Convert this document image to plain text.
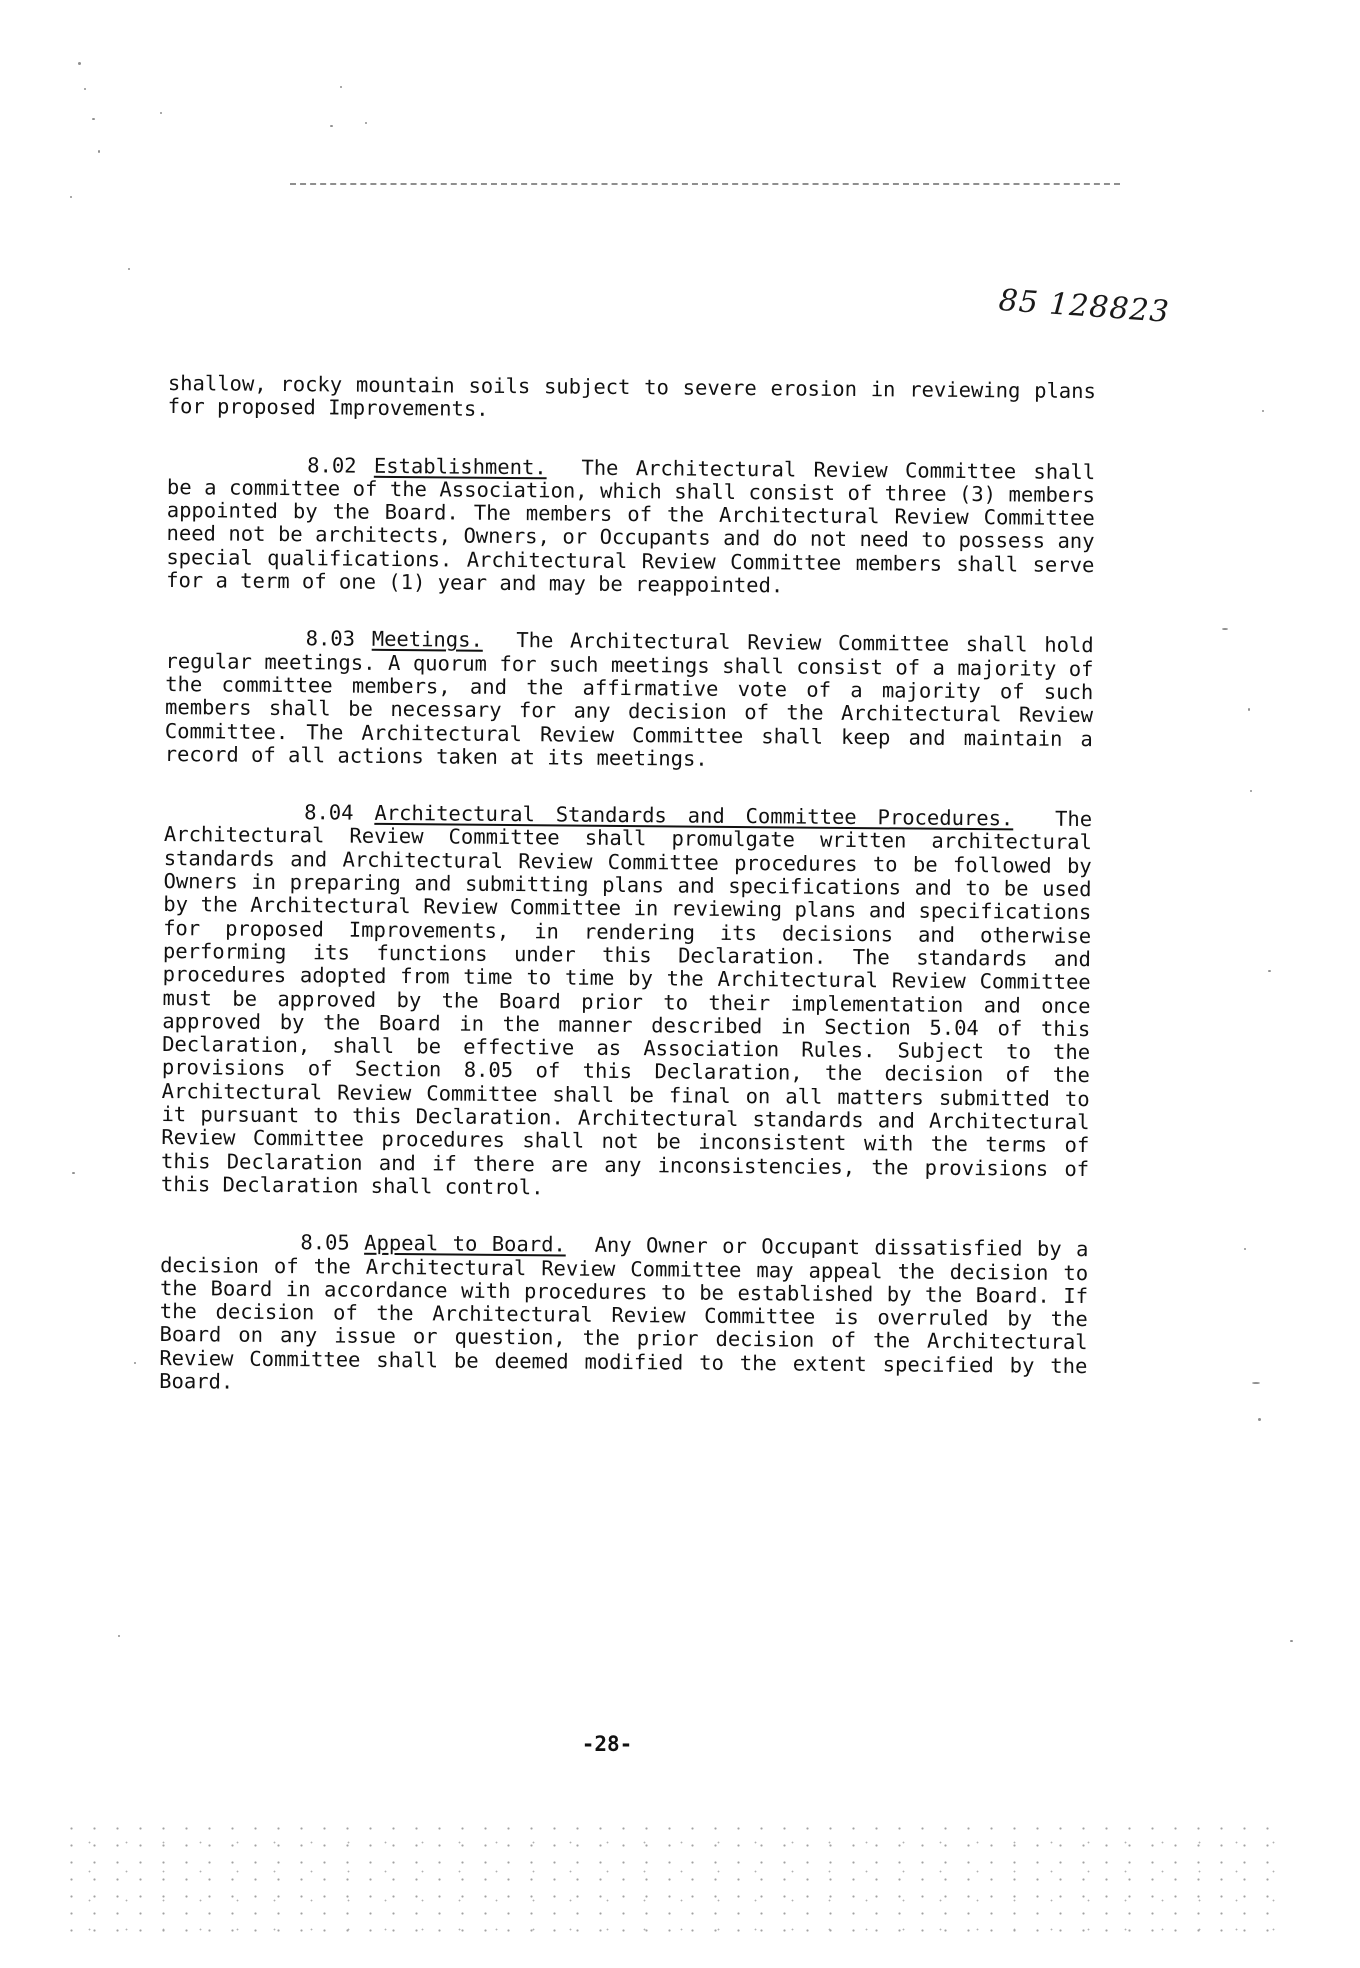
85 128823

shallow, rocky mountain soils subject to severe erosion in reviewing plans for proposed Improvements.

8.02 Establishment. The Architectural Review Committee shall be a committee of the Association, which shall consist of three (3) members appointed by the Board. The members of the Architectural Review Committee need not be architects, Owners, or Occupants and do not need to possess any special qualifications. Architectural Review Committee members shall serve for a term of one (1) year and may be reappointed.

8.03 Meetings. The Architectural Review Committee shall hold regular meetings. A quorum for such meetings shall consist of a majority of the committee members, and the affirmative vote of a majority of such members shall be necessary for any decision of the Architectural Review Committee. The Architectural Review Committee shall keep and maintain a record of all actions taken at its meetings.

8.04 Architectural Standards and Committee Procedures. The Architectural Review Committee shall promulgate written architectural standards and Architectural Review Committee procedures to be followed by Owners in preparing and submitting plans and specifications and to be used by the Architectural Review Committee in reviewing plans and specifications for proposed Improvements, in rendering its decisions and otherwise performing its functions under this Declaration. The standards and procedures adopted from time to time by the Architectural Review Committee must be approved by the Board prior to their implementation and once approved by the Board in the manner described in Section 5.04 of this Declaration, shall be effective as Association Rules. Subject to the provisions of Section 8.05 of this Declaration, the decision of the Architectural Review Committee shall be final on all matters submitted to it pursuant to this Declaration. Architectural standards and Architectural Review Committee procedures shall not be inconsistent with the terms of this Declaration and if there are any inconsistencies, the provisions of this Declaration shall control.

8.05 Appeal to Board. Any Owner or Occupant dissatisfied by a decision of the Architectural Review Committee may appeal the decision to the Board in accordance with procedures to be established by the Board. If the decision of the Architectural Review Committee is overruled by the Board on any issue or question, the prior decision of the Architectural Review Committee shall be deemed modified to the extent specified by the Board.

-28-
